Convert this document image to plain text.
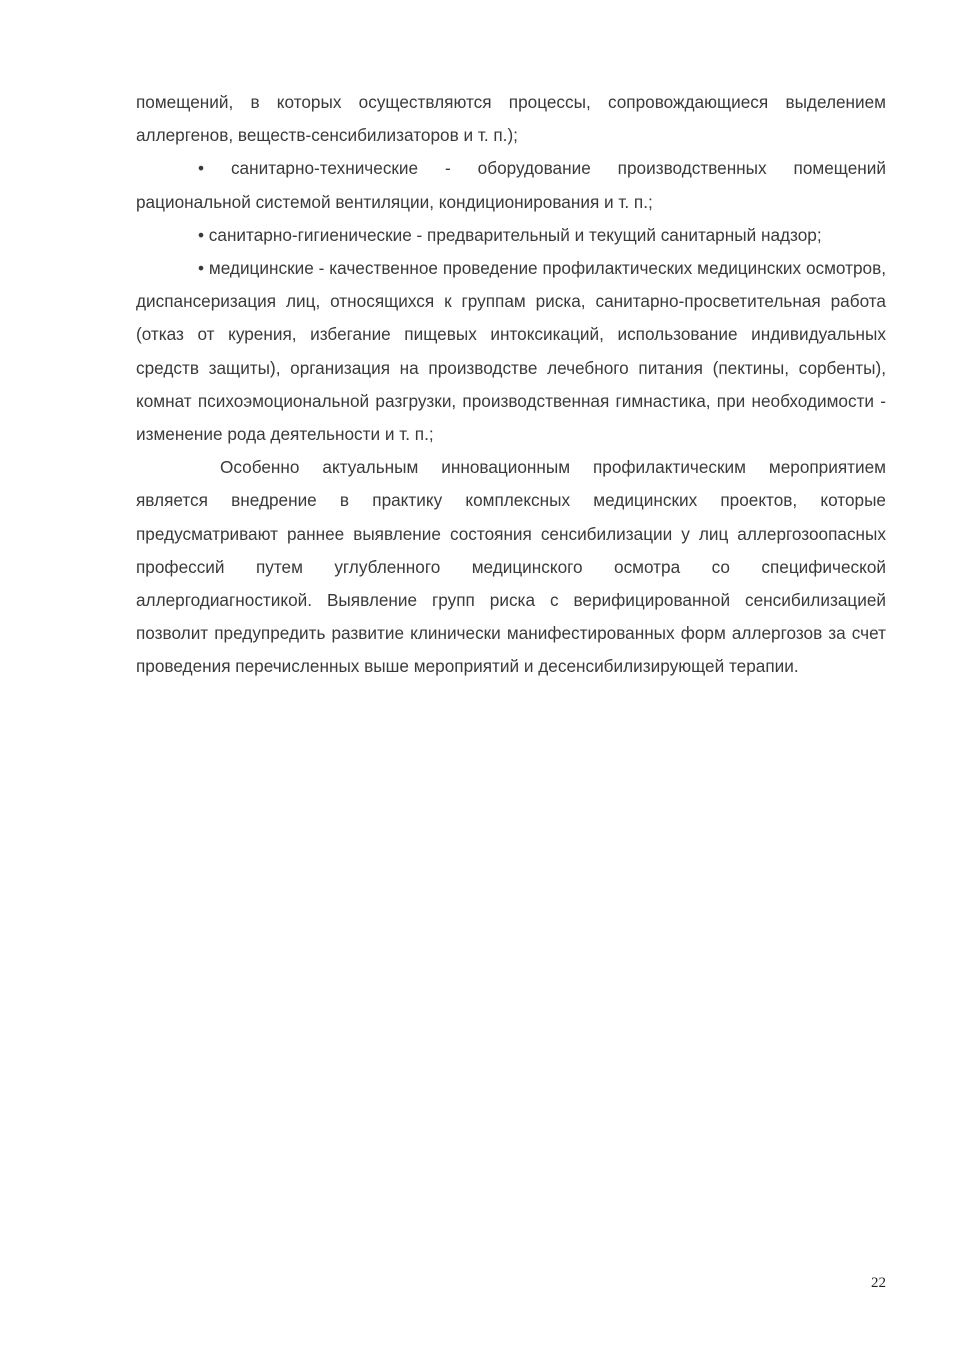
помещений, в которых осуществляются процессы, сопровождающиеся выделением аллергенов, веществ-сенсибилизаторов и т. п.);

• санитарно-технические - оборудование производственных помещений рациональной системой вентиляции, кондиционирования и т. п.;

• санитарно-гигиенические - предварительный и текущий санитарный надзор;

• медицинские - качественное проведение профилактических медицинских осмотров, диспансеризация лиц, относящихся к группам риска, санитарно-просветительная работа (отказ от курения, избегание пищевых интоксикаций, использование индивидуальных средств защиты), организация на производстве лечебного питания (пектины, сорбенты), комнат психоэмоциональной разгрузки, производственная гимнастика, при необходимости - изменение рода деятельности и т. п.;

Особенно актуальным инновационным профилактическим мероприятием является внедрение в практику комплексных медицинских проектов, которые предусматривают раннее выявление состояния сенсибилизации у лиц аллергозоопасных профессий путем углубленного медицинского осмотра со специфической аллергодиагностикой. Выявление групп риска с верифицированной сенсибилизацией позволит предупредить развитие клинически манифестированных форм аллергозов за счет проведения перечисленных выше мероприятий и десенсибилизирующей терапии.

22
